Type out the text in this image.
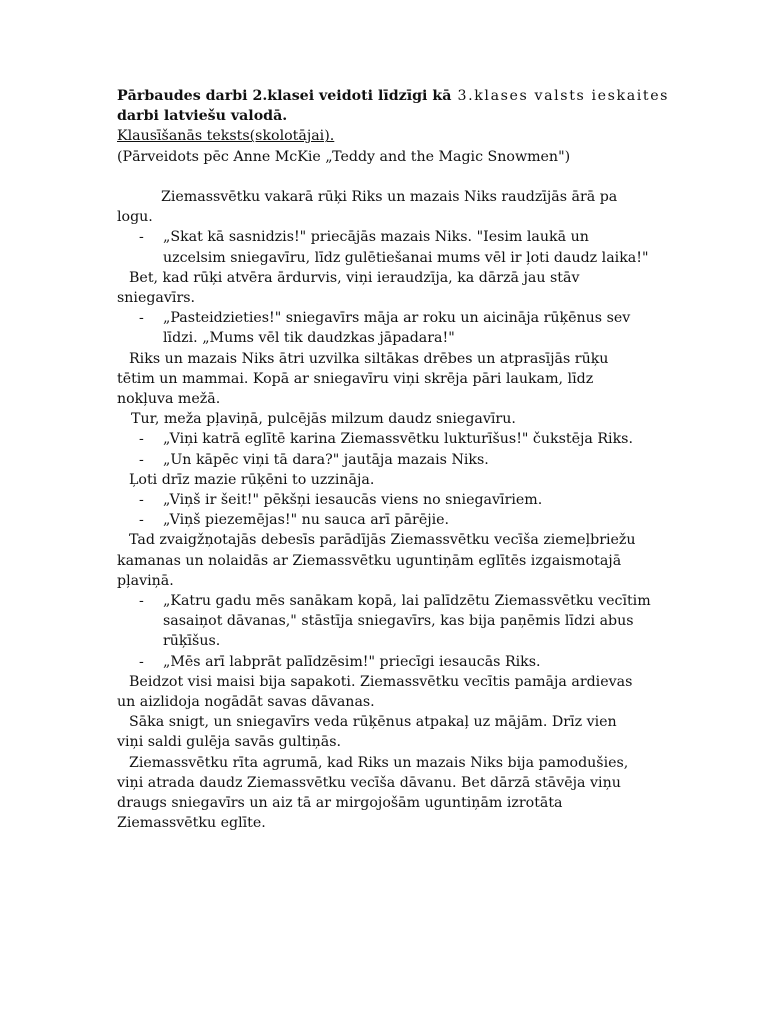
Pārbaudes darbi 2.klasei veidoti līdzīgi kā 3.klases valsts ieskaites
darbi latviešu valodā.
Klausīšanās teksts(skolotājai).
(Pārveidots pēc Anne McKie „Teddy and the Magic Snowmen")
Ziemassvētku vakarā rūķi Riks un mazais Niks raudzījās ārā pa
logu.
-	„Skat kā sasnidzis!" priecājās mazais Niks. "Iesim laukā un
uzcelsim sniegavīru, līdz gulētiešanai mums vēl ir ļoti daudz laika!"
Bet, kad rūķi atvēra ārdurvis, viņi ieraudzīja, ka dārzā jau stāv
sniegavīrs.
-	„Pasteidzieties!" sniegavīrs māja ar roku un aicināja rūķēnus sev
līdzi. „Mums vēl tik daudzkas jāpadara!"
Riks un mazais Niks ātri uzvilka siltākas drēbes un atprasījās rūķu
tētim un mammai. Kopā ar sniegavīru viņi skrēja pāri laukam, līdz
nokļuva mežā.
Tur, meža pļaviņā, pulcējās milzum daudz sniegavīru.
-	„Viņi katrā eglītē karina Ziemassvētku lukturīšus!" čukstēja Riks.
-	„Un kāpēc viņi tā dara?" jautāja mazais Niks.
Ļoti drīz mazie rūķēni to uzzināja.
-	„Viņš ir šeit!" pēkšņi iesaucās viens no sniegavīriem.
-	„Viņš piezemējas!" nu sauca arī pārējie.
Tad zvaigžņotajās debesīs parādījās Ziemassvētku vecīša ziemeļbriežu
kamanas un nolaidās ar Ziemassvētku ugun​tiņām eglītēs izgaismotajā
pļaviņā.
-	„Katru gadu mēs sanākam kopā, lai palīdzētu Ziemassvētku vecītim
sasaiņot dāvanas," stāstīja sniegavīrs, kas bija paņēmis līdzi abus
rūķīšus.
-	„Mēs arī labprāt palīdzēsim!" priecīgi iesaucās Riks.
Beidzot visi maisi bija sapakoti. Ziemassvētku vecītis pamāja ardievas
un aizlidoja nogādāt savas dāvanas.
Sāka snigt, un sniegavīrs veda rūķēnus atpakaļ uz mājām. Drīz vien
viņi saldi gulēja savās gultiņās.
Ziemassvētku rīta agrumā, kad Riks un mazais Niks bija pamodušies,
viņi atrada daudz Ziemassvētku vecīša dāvanu. Bet dārzā stāvēja viņu
draugs sniegavīrs un aiz tā ar mirgojošām uguntiņām izrotāta
Ziemassvētku eglīte.
